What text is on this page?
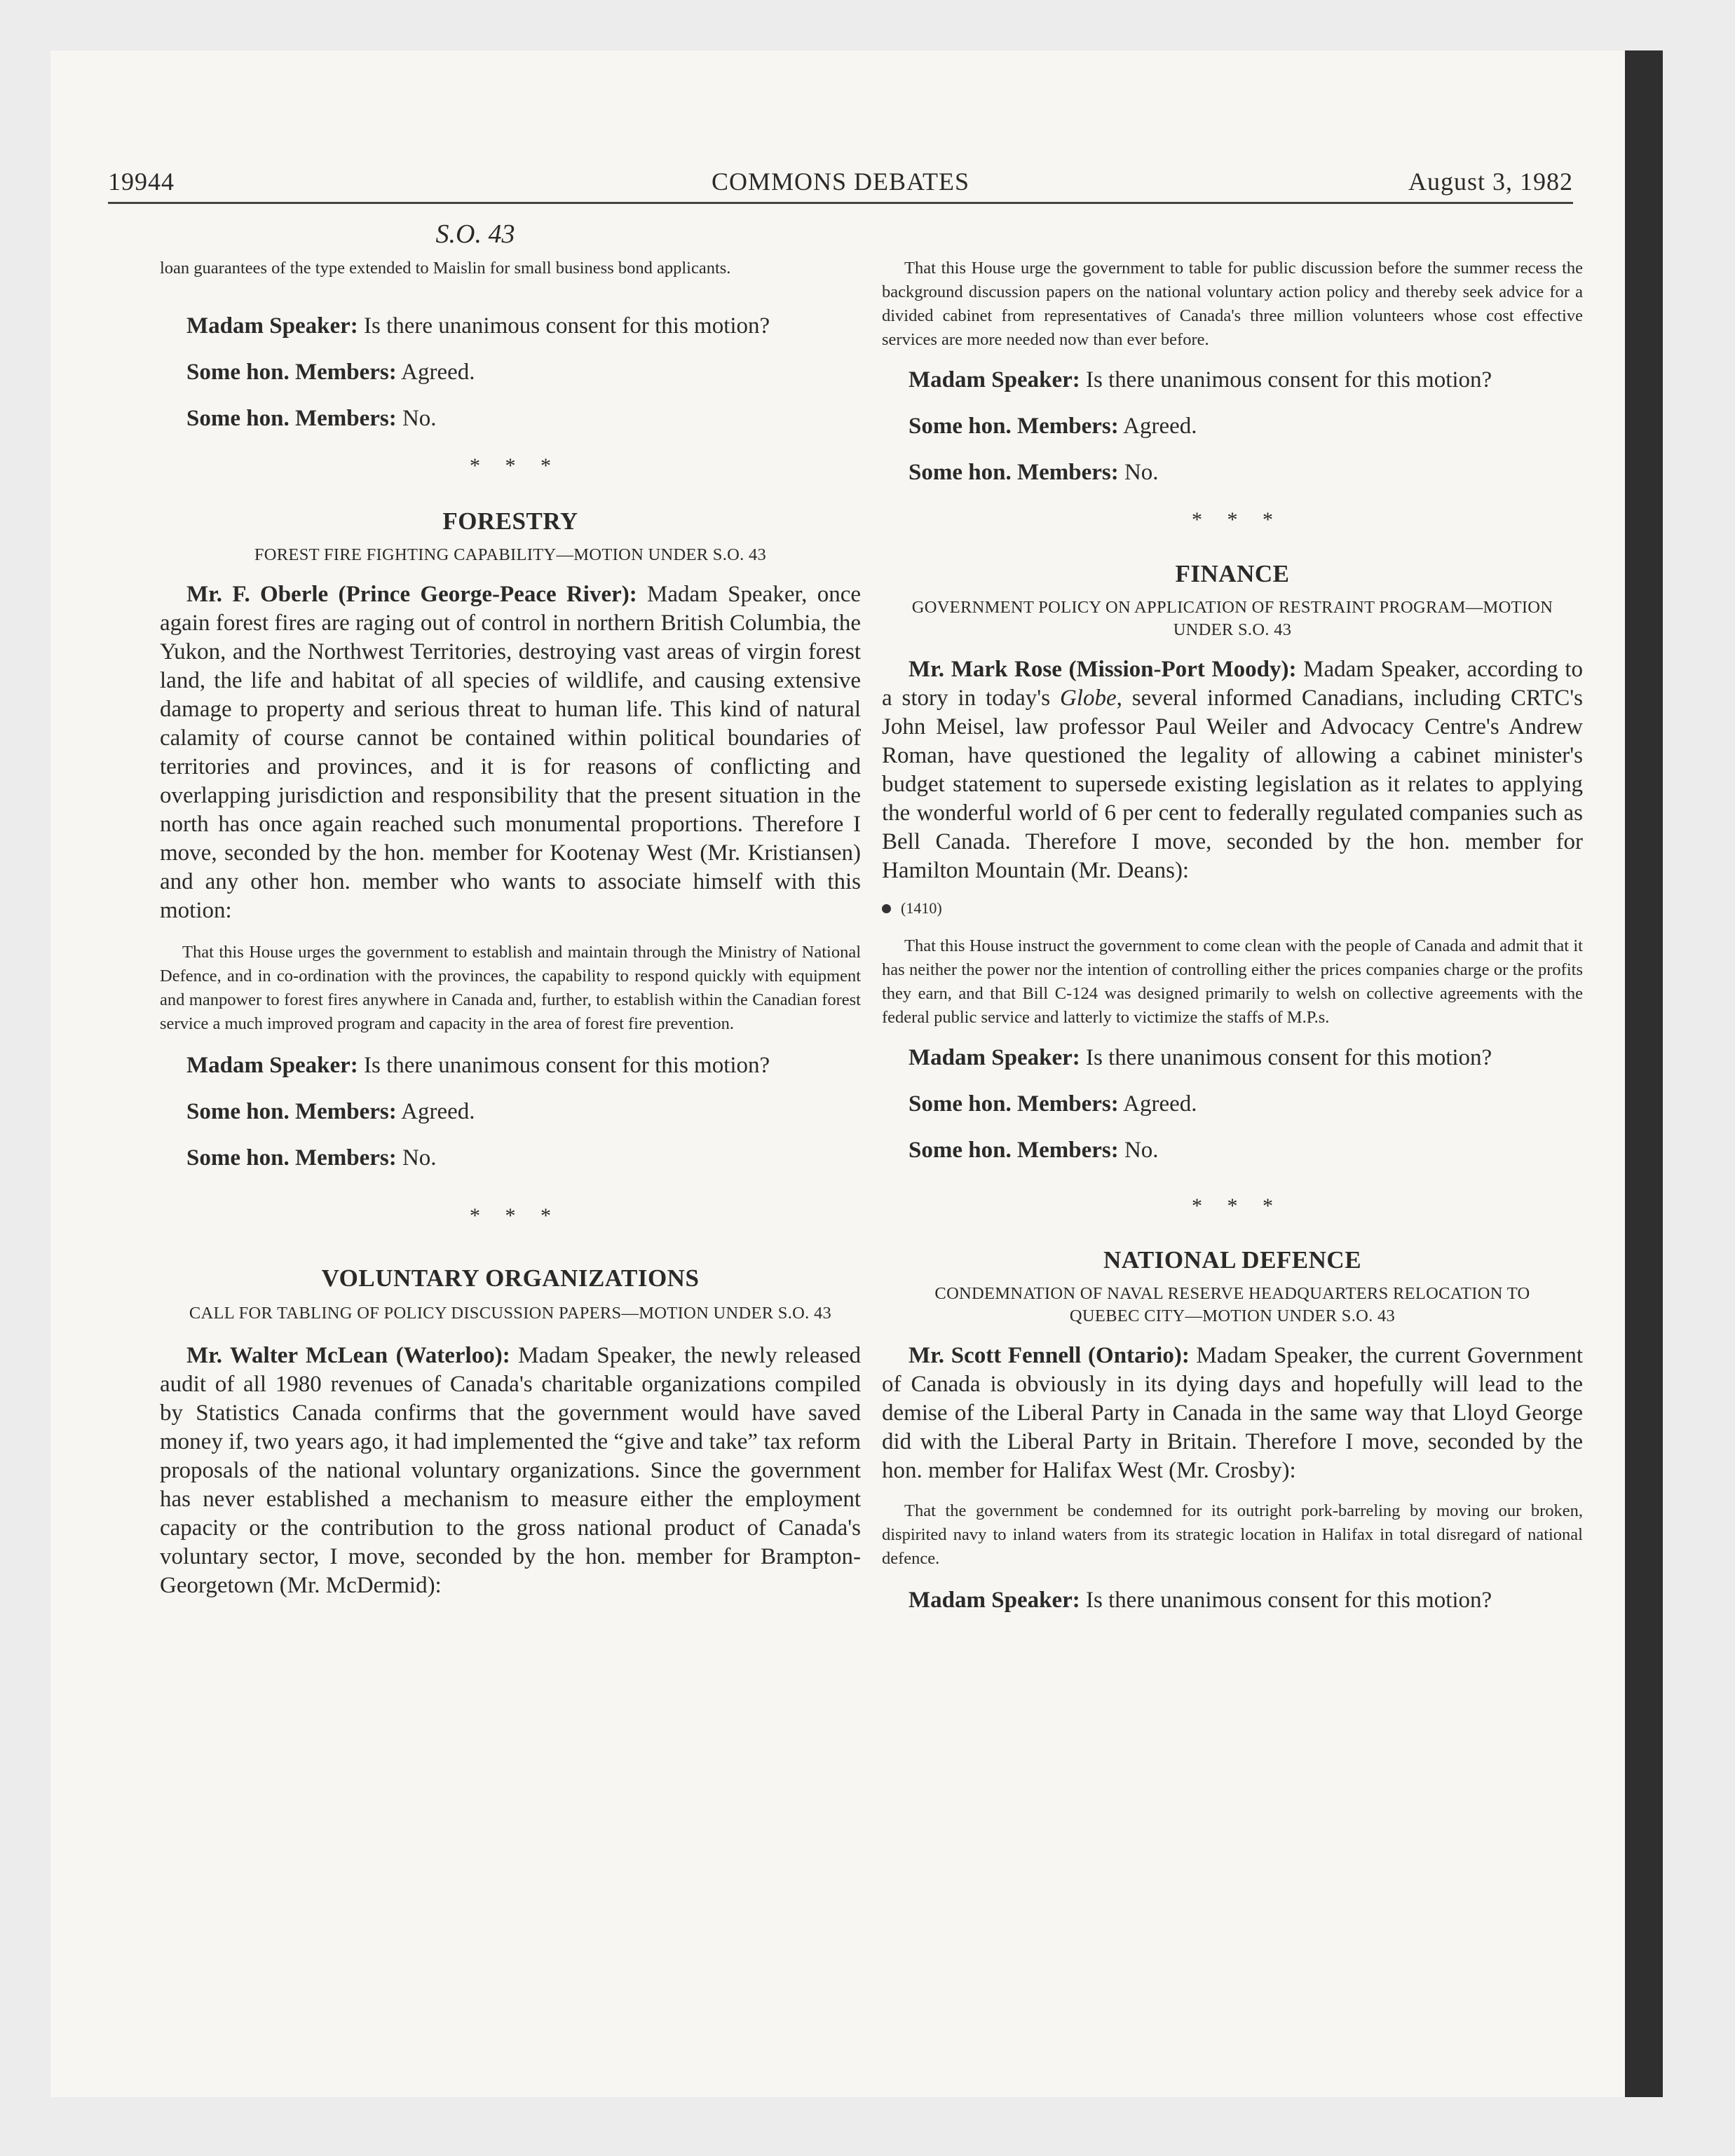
19944	COMMONS DEBATES	August 3, 1982
S.O. 43

loan guarantees of the type extended to Maislin for small business bond applicants.

Madam Speaker: Is there unanimous consent for this motion?

Some hon. Members: Agreed.

Some hon. Members: No.

* * *

FORESTRY

FOREST FIRE FIGHTING CAPABILITY—MOTION UNDER S.O. 43

Mr. F. Oberle (Prince George-Peace River): Madam Speaker, once again forest fires are raging out of control in northern British Columbia, the Yukon, and the Northwest Territories, destroying vast areas of virgin forest land, the life and habitat of all species of wildlife, and causing extensive damage to property and serious threat to human life. This kind of natural calamity of course cannot be contained within political boundaries of territories and provinces, and it is for reasons of conflicting and overlapping jurisdiction and responsibility that the present situation in the north has once again reached such monumental proportions. Therefore I move, seconded by the hon. member for Kootenay West (Mr. Kristiansen) and any other hon. member who wants to associate himself with this motion:

That this House urges the government to establish and maintain through the Ministry of National Defence, and in co-ordination with the provinces, the capability to respond quickly with equipment and manpower to forest fires anywhere in Canada and, further, to establish within the Canadian forest service a much improved program and capacity in the area of forest fire prevention.

Madam Speaker: Is there unanimous consent for this motion?

Some hon. Members: Agreed.

Some hon. Members: No.

* * *

VOLUNTARY ORGANIZATIONS

CALL FOR TABLING OF POLICY DISCUSSION PAPERS—MOTION UNDER S.O. 43

Mr. Walter McLean (Waterloo): Madam Speaker, the newly released audit of all 1980 revenues of Canada's charitable organizations compiled by Statistics Canada confirms that the government would have saved money if, two years ago, it had implemented the “give and take” tax reform proposals of the national voluntary organizations. Since the government has never established a mechanism to measure either the employment capacity or the contribution to the gross national product of Canada's voluntary sector, I move, seconded by the hon. member for Brampton-Georgetown (Mr. McDermid):

That this House urge the government to table for public discussion before the summer recess the background discussion papers on the national voluntary action policy and thereby seek advice for a divided cabinet from representatives of Canada's three million volunteers whose cost effective services are more needed now than ever before.

Madam Speaker: Is there unanimous consent for this motion?

Some hon. Members: Agreed.

Some hon. Members: No.

* * *

FINANCE

GOVERNMENT POLICY ON APPLICATION OF RESTRAINT PROGRAM—MOTION UNDER S.O. 43

Mr. Mark Rose (Mission-Port Moody): Madam Speaker, according to a story in today's Globe, several informed Canadians, including CRTC's John Meisel, law professor Paul Weiler and Advocacy Centre's Andrew Roman, have questioned the legality of allowing a cabinet minister's budget statement to supersede existing legislation as it relates to applying the wonderful world of 6 per cent to federally regulated companies such as Bell Canada. Therefore I move, seconded by the hon. member for Hamilton Mountain (Mr. Deans):

(1410)

That this House instruct the government to come clean with the people of Canada and admit that it has neither the power nor the intention of controlling either the prices companies charge or the profits they earn, and that Bill C-124 was designed primarily to welsh on collective agreements with the federal public service and latterly to victimize the staffs of M.P.s.

Madam Speaker: Is there unanimous consent for this motion?

Some hon. Members: Agreed.

Some hon. Members: No.

* * *

NATIONAL DEFENCE

CONDEMNATION OF NAVAL RESERVE HEADQUARTERS RELOCATION TO QUEBEC CITY—MOTION UNDER S.O. 43

Mr. Scott Fennell (Ontario): Madam Speaker, the current Government of Canada is obviously in its dying days and hopefully will lead to the demise of the Liberal Party in Canada in the same way that Lloyd George did with the Liberal Party in Britain. Therefore I move, seconded by the hon. member for Halifax West (Mr. Crosby):

That the government be condemned for its outright pork-barreling by moving our broken, dispirited navy to inland waters from its strategic location in Halifax in total disregard of national defence.

Madam Speaker: Is there unanimous consent for this motion?
